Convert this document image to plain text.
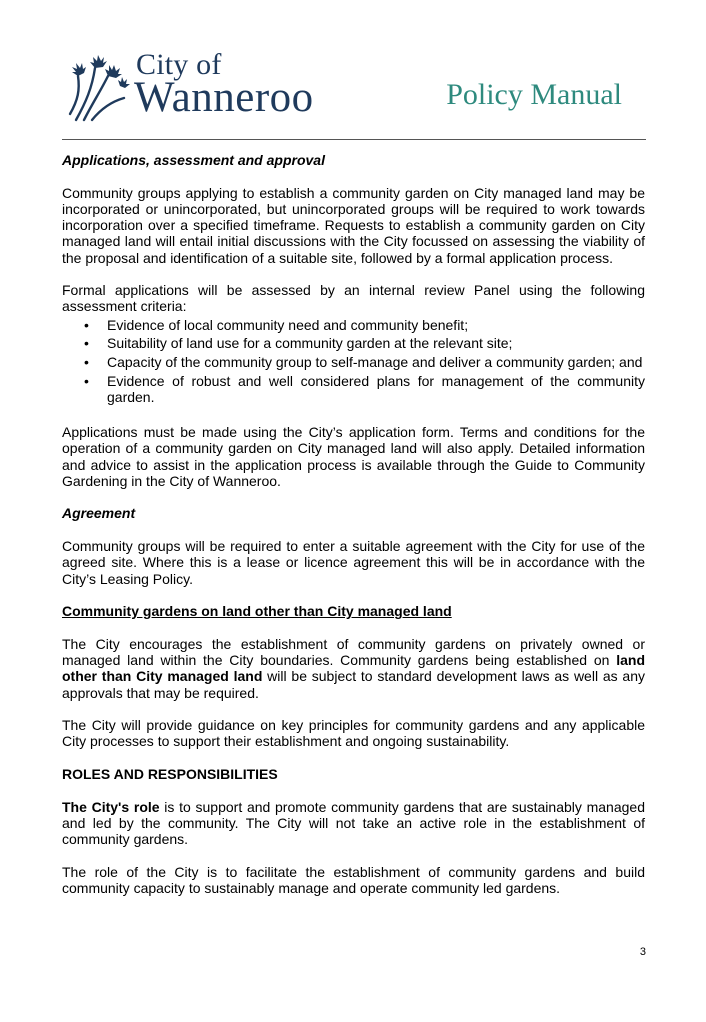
City of
Wanneroo	Policy Manual

Applications, assessment and approval

Community groups applying to establish a community garden on City managed land may be incorporated or unincorporated, but unincorporated groups will be required to work towards incorporation over a specified timeframe. Requests to establish a community garden on City managed land will entail initial discussions with the City focussed on assessing the viability of the proposal and identification of a suitable site, followed by a formal application process.

Formal applications will be assessed by an internal review Panel using the following assessment criteria:

• Evidence of local community need and community benefit;
• Suitability of land use for a community garden at the relevant site;
• Capacity of the community group to self-manage and deliver a community garden; and
• Evidence of robust and well considered plans for management of the community garden.

Applications must be made using the City’s application form. Terms and conditions for the operation of a community garden on City managed land will also apply. Detailed information and advice to assist in the application process is available through the Guide to Community Gardening in the City of Wanneroo.

Agreement

Community groups will be required to enter a suitable agreement with the City for use of the agreed site. Where this is a lease or licence agreement this will be in accordance with the City’s Leasing Policy.

Community gardens on land other than City managed land

The City encourages the establishment of community gardens on privately owned or managed land within the City boundaries. Community gardens being established on land other than City managed land will be subject to standard development laws as well as any approvals that may be required.

The City will provide guidance on key principles for community gardens and any applicable City processes to support their establishment and ongoing sustainability.

ROLES AND RESPONSIBILITIES

The City's role is to support and promote community gardens that are sustainably managed and led by the community. The City will not take an active role in the establishment of community gardens.

The role of the City is to facilitate the establishment of community gardens and build community capacity to sustainably manage and operate community led gardens.

3
